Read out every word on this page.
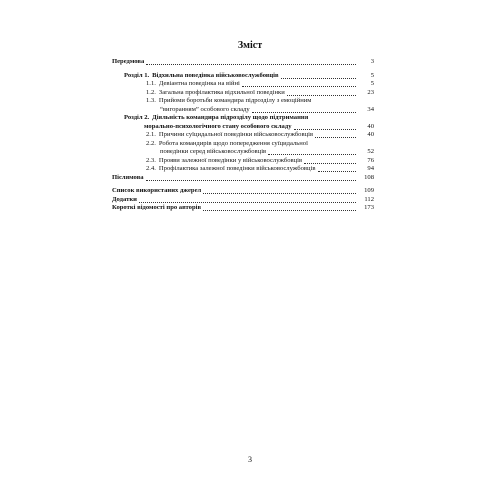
Зміст
Передмова	3
Розділ 1. Відхильна поведінка військовослужбовців	5
1.1. Девіантна поведінка на війні	5
1.2. Загальна профілактика відхильної поведінки	23
1.3. Прийоми боротьби командира підрозділу з емоційним
“вигоранням” особового складу	34
Розділ 2. Діяльність командира підрозділу щодо підтримання
морально-психологічного стану особового складу	40
2.1. Причини суїцидальної поведінки військовослужбовців	40
2.2. Робота командирів щодо попередження суїцидальної
поведінки серед військовослужбовців	52
2.3. Прояви залежної поведінки у військовослужбовців	76
2.4. Профілактика залежної поведінки військовослужбовців	94
Післямова	108
Список використаних джерел	109
Додатки	112
Короткі відомості про авторів	173
3
